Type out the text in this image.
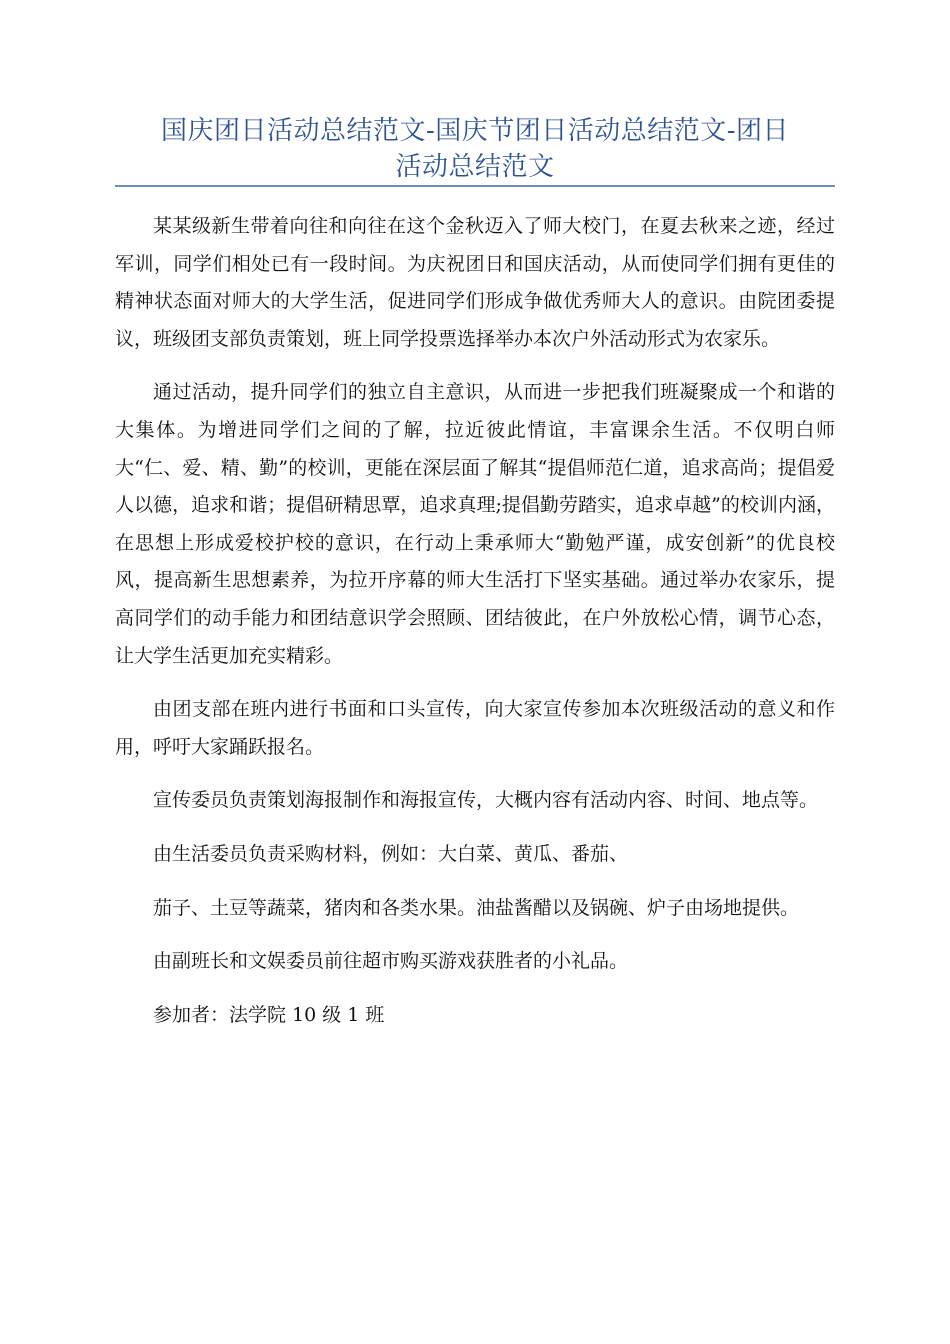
国庆团日活动总结范文-国庆节团日活动总结范文-团日
活动总结范文

某某级新生带着向往和向往在这个金秋迈入了师大校门，在夏去秋来之迹，经过军训，同学们相处已有一段时间。为庆祝团日和国庆活动，从而使同学们拥有更佳的精神状态面对师大的大学生活，促进同学们形成争做优秀师大人的意识。由院团委提议，班级团支部负责策划，班上同学投票选择举办本次户外活动形式为农家乐。

通过活动，提升同学们的独立自主意识，从而进一步把我们班凝聚成一个和谐的大集体。为增进同学们之间的了解，拉近彼此情谊，丰富课余生活。不仅明白师大“仁、爱、精、勤”的校训，更能在深层面了解其“提倡师范仁道，追求高尚；提倡爱人以德，追求和谐；提倡研精思覃，追求真理;提倡勤劳踏实，追求卓越”的校训内涵，在思想上形成爱校护校的意识，在行动上秉承师大“勤勉严谨，成安创新”的优良校风，提高新生思想素养，为拉开序幕的师大生活打下坚实基础。通过举办农家乐，提高同学们的动手能力和团结意识学会照顾、团结彼此，在户外放松心情，调节心态，让大学生活更加充实精彩。

由团支部在班内进行书面和口头宣传，向大家宣传参加本次班级活动的意义和作用，呼吁大家踊跃报名。

宣传委员负责策划海报制作和海报宣传，大概内容有活动内容、时间、地点等。

由生活委员负责采购材料，例如：大白菜、黄瓜、番茄、

茄子、土豆等蔬菜，猪肉和各类水果。油盐酱醋以及锅碗、炉子由场地提供。

由副班长和文娱委员前往超市购买游戏获胜者的小礼品。

参加者：法学院 10 级 1 班
